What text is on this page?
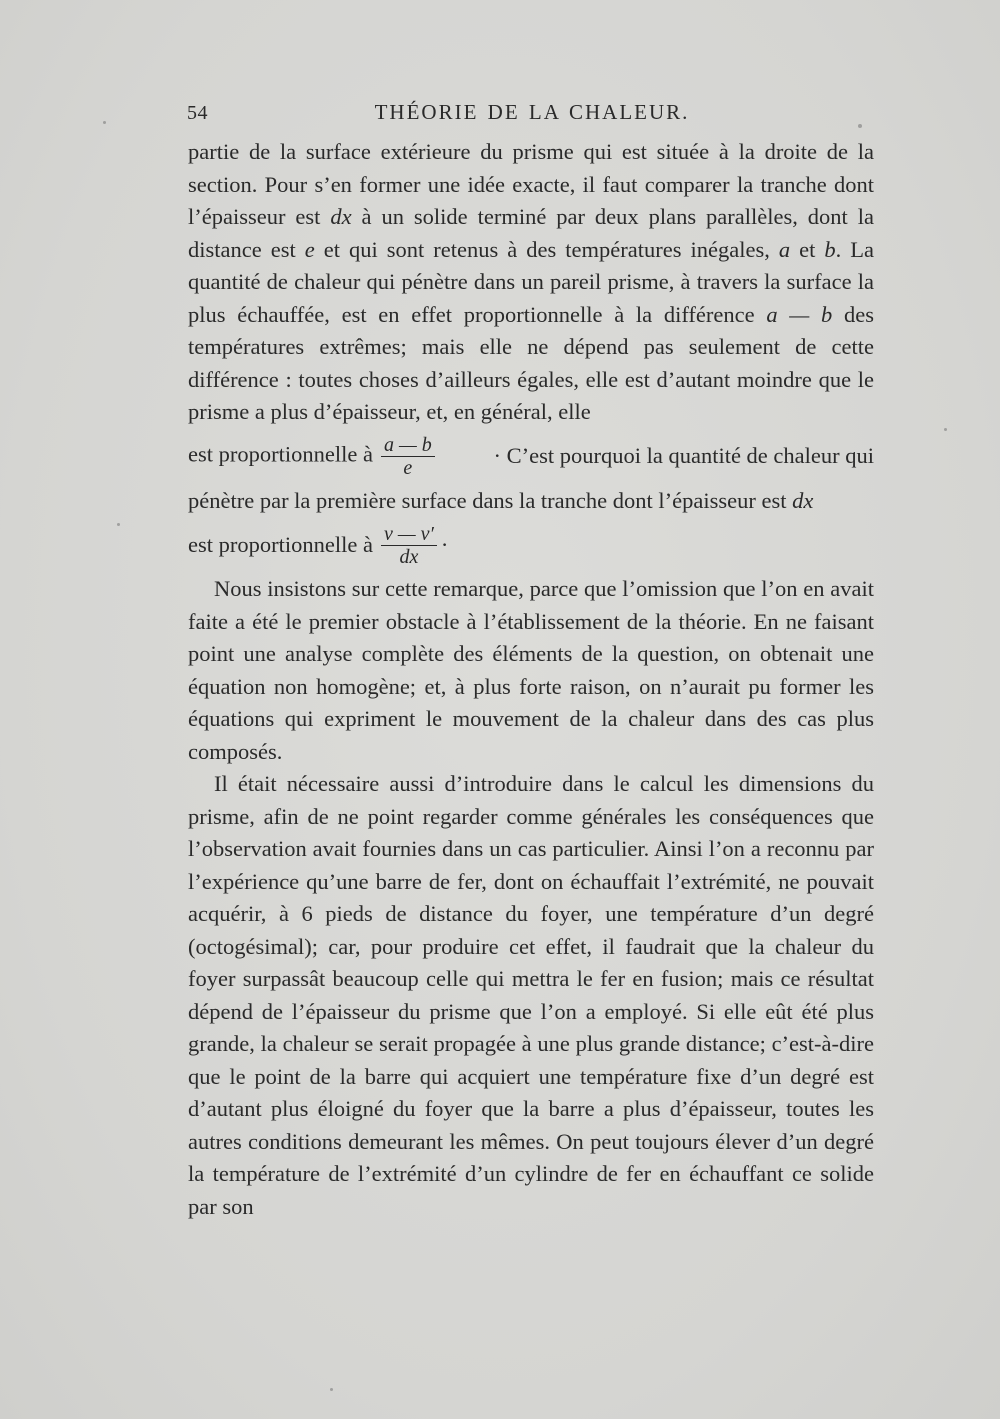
54	THÉORIE DE LA CHALEUR.

partie de la surface extérieure du prisme qui est située à la droite de la section. Pour s’en former une idée exacte, il faut comparer la tranche dont l’épaisseur est dx à un solide terminé par deux plans parallèles, dont la distance est e et qui sont retenus à des températures inégales, a et b. La quantité de chaleur qui pénètre dans un pareil prisme, à travers la surface la plus échauffée, est en effet proportionnelle à la différence a — b des températures extrêmes; mais elle ne dépend pas seulement de cette différence : toutes choses d’ailleurs égales, elle est d’autant moindre que le prisme a plus d’épaisseur, et, en général, elle

est proportionnelle à $\frac{a — b}{e}$	· C’est pourquoi la quantité de chaleur qui

pénètre par la première surface dans la tranche dont l’épaisseur est dx

est proportionnelle à $\frac{v — v'}{dx}$ ·

Nous insistons sur cette remarque, parce que l’omission que l’on en avait faite a été le premier obstacle à l’établissement de la théorie. En ne faisant point une analyse complète des éléments de la question, on obtenait une équation non homogène; et, à plus forte raison, on n’aurait pu former les équations qui expriment le mouvement de la chaleur dans des cas plus composés.

Il était nécessaire aussi d’introduire dans le calcul les dimensions du prisme, afin de ne point regarder comme générales les conséquences que l’observation avait fournies dans un cas particulier. Ainsi l’on a reconnu par l’expérience qu’une barre de fer, dont on échauffait l’extrémité, ne pouvait acquérir, à 6 pieds de distance du foyer, une température d’un degré (octogésimal); car, pour produire cet effet, il faudrait que la chaleur du foyer surpassât beaucoup celle qui mettra le fer en fusion; mais ce résultat dépend de l’épaisseur du prisme que l’on a employé. Si elle eût été plus grande, la chaleur se serait propagée à une plus grande distance; c’est-à-dire que le point de la barre qui acquiert une température fixe d’un degré est d’autant plus éloigné du foyer que la barre a plus d’épaisseur, toutes les autres conditions demeurant les mêmes. On peut toujours élever d’un degré la température de l’extrémité d’un cylindre de fer en échauffant ce solide par son
